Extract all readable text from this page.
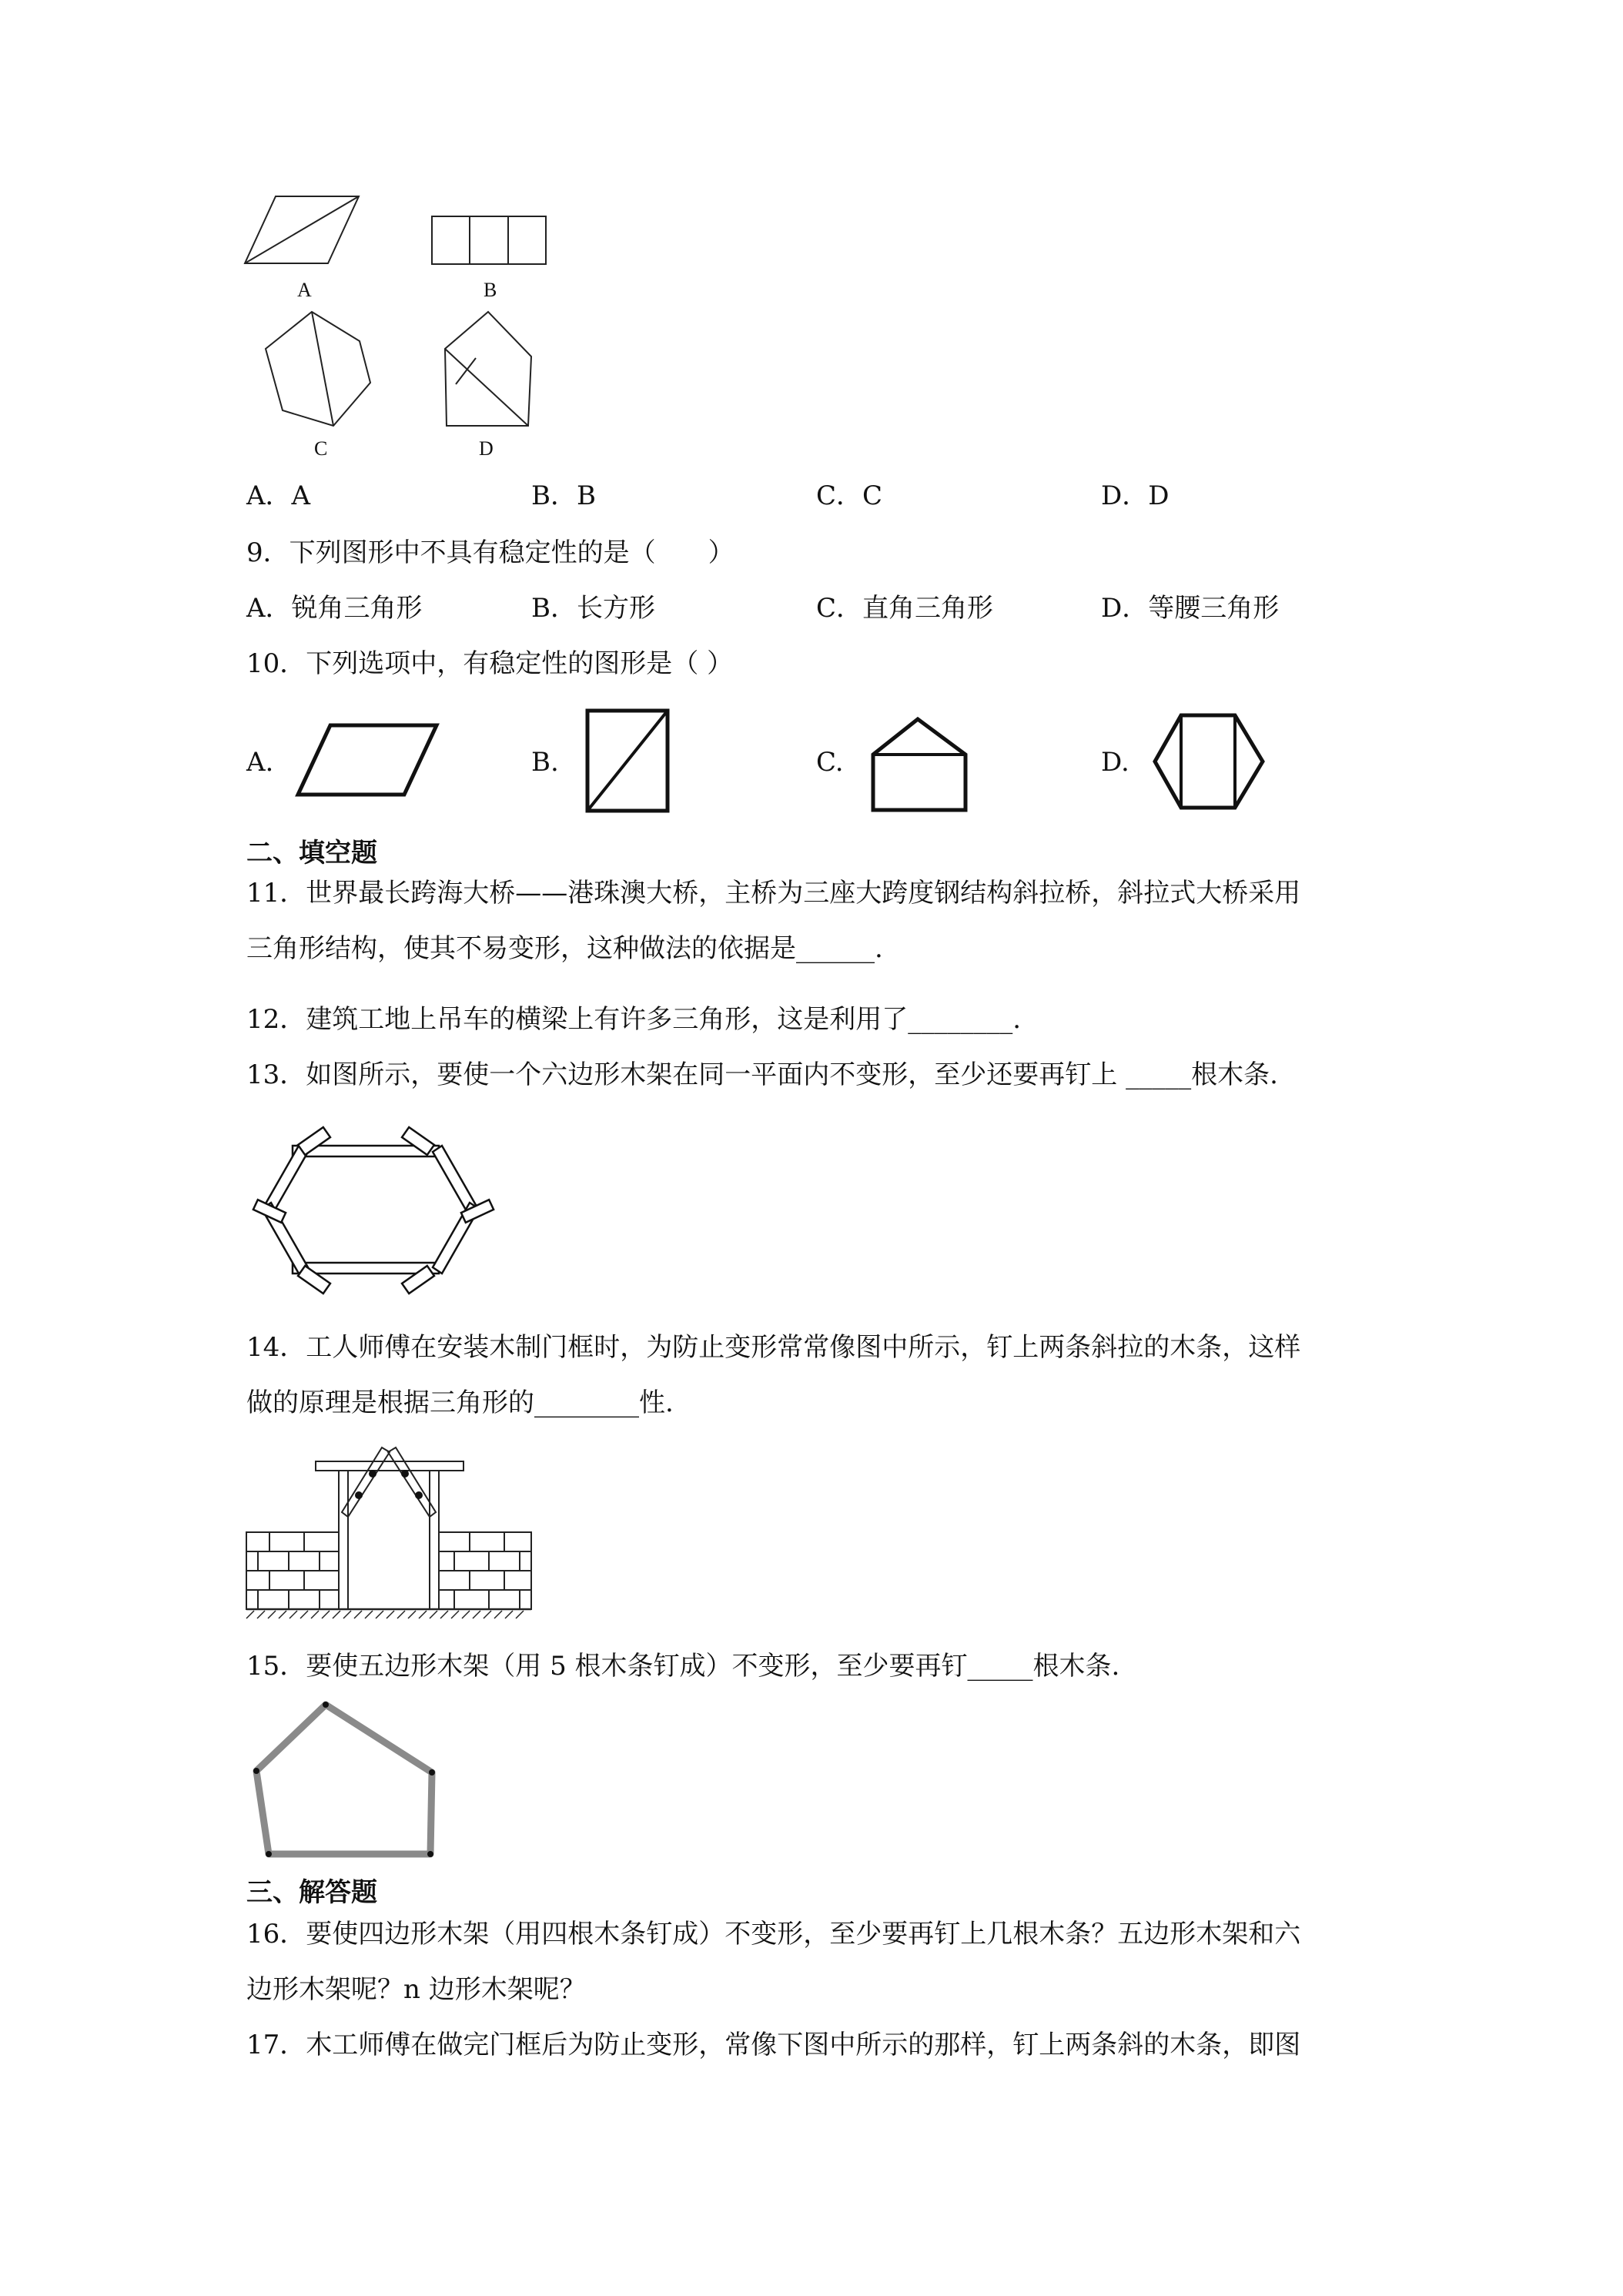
A	B
C	D
A．A	B．B	C．C	D．D
9．下列图形中不具有稳定性的是（　　）
A．锐角三角形	B．长方形	C．直角三角形	D．等腰三角形
10．下列选项中，有稳定性的图形是（ ）
A.	B.	C.	D.
二、填空题
11．世界最长跨海大桥——港珠澳大桥，主桥为三座大跨度钢结构斜拉桥，斜拉式大桥采用
三角形结构，使其不易变形，这种做法的依据是______.
12．建筑工地上吊车的横梁上有许多三角形，这是利用了________.
13．如图所示，要使一个六边形木架在同一平面内不变形，至少还要再钉上 _____根木条.
14．工人师傅在安装木制门框时，为防止变形常常像图中所示，钉上两条斜拉的木条，这样
做的原理是根据三角形的________性.
15．要使五边形木架（用 5 根木条钉成）不变形，至少要再钉_____根木条.
三、解答题
16．要使四边形木架（用四根木条钉成）不变形，至少要再钉上几根木条？五边形木架和六
边形木架呢？n 边形木架呢？
17．木工师傅在做完门框后为防止变形，常像下图中所示的那样，钉上两条斜的木条，即图
